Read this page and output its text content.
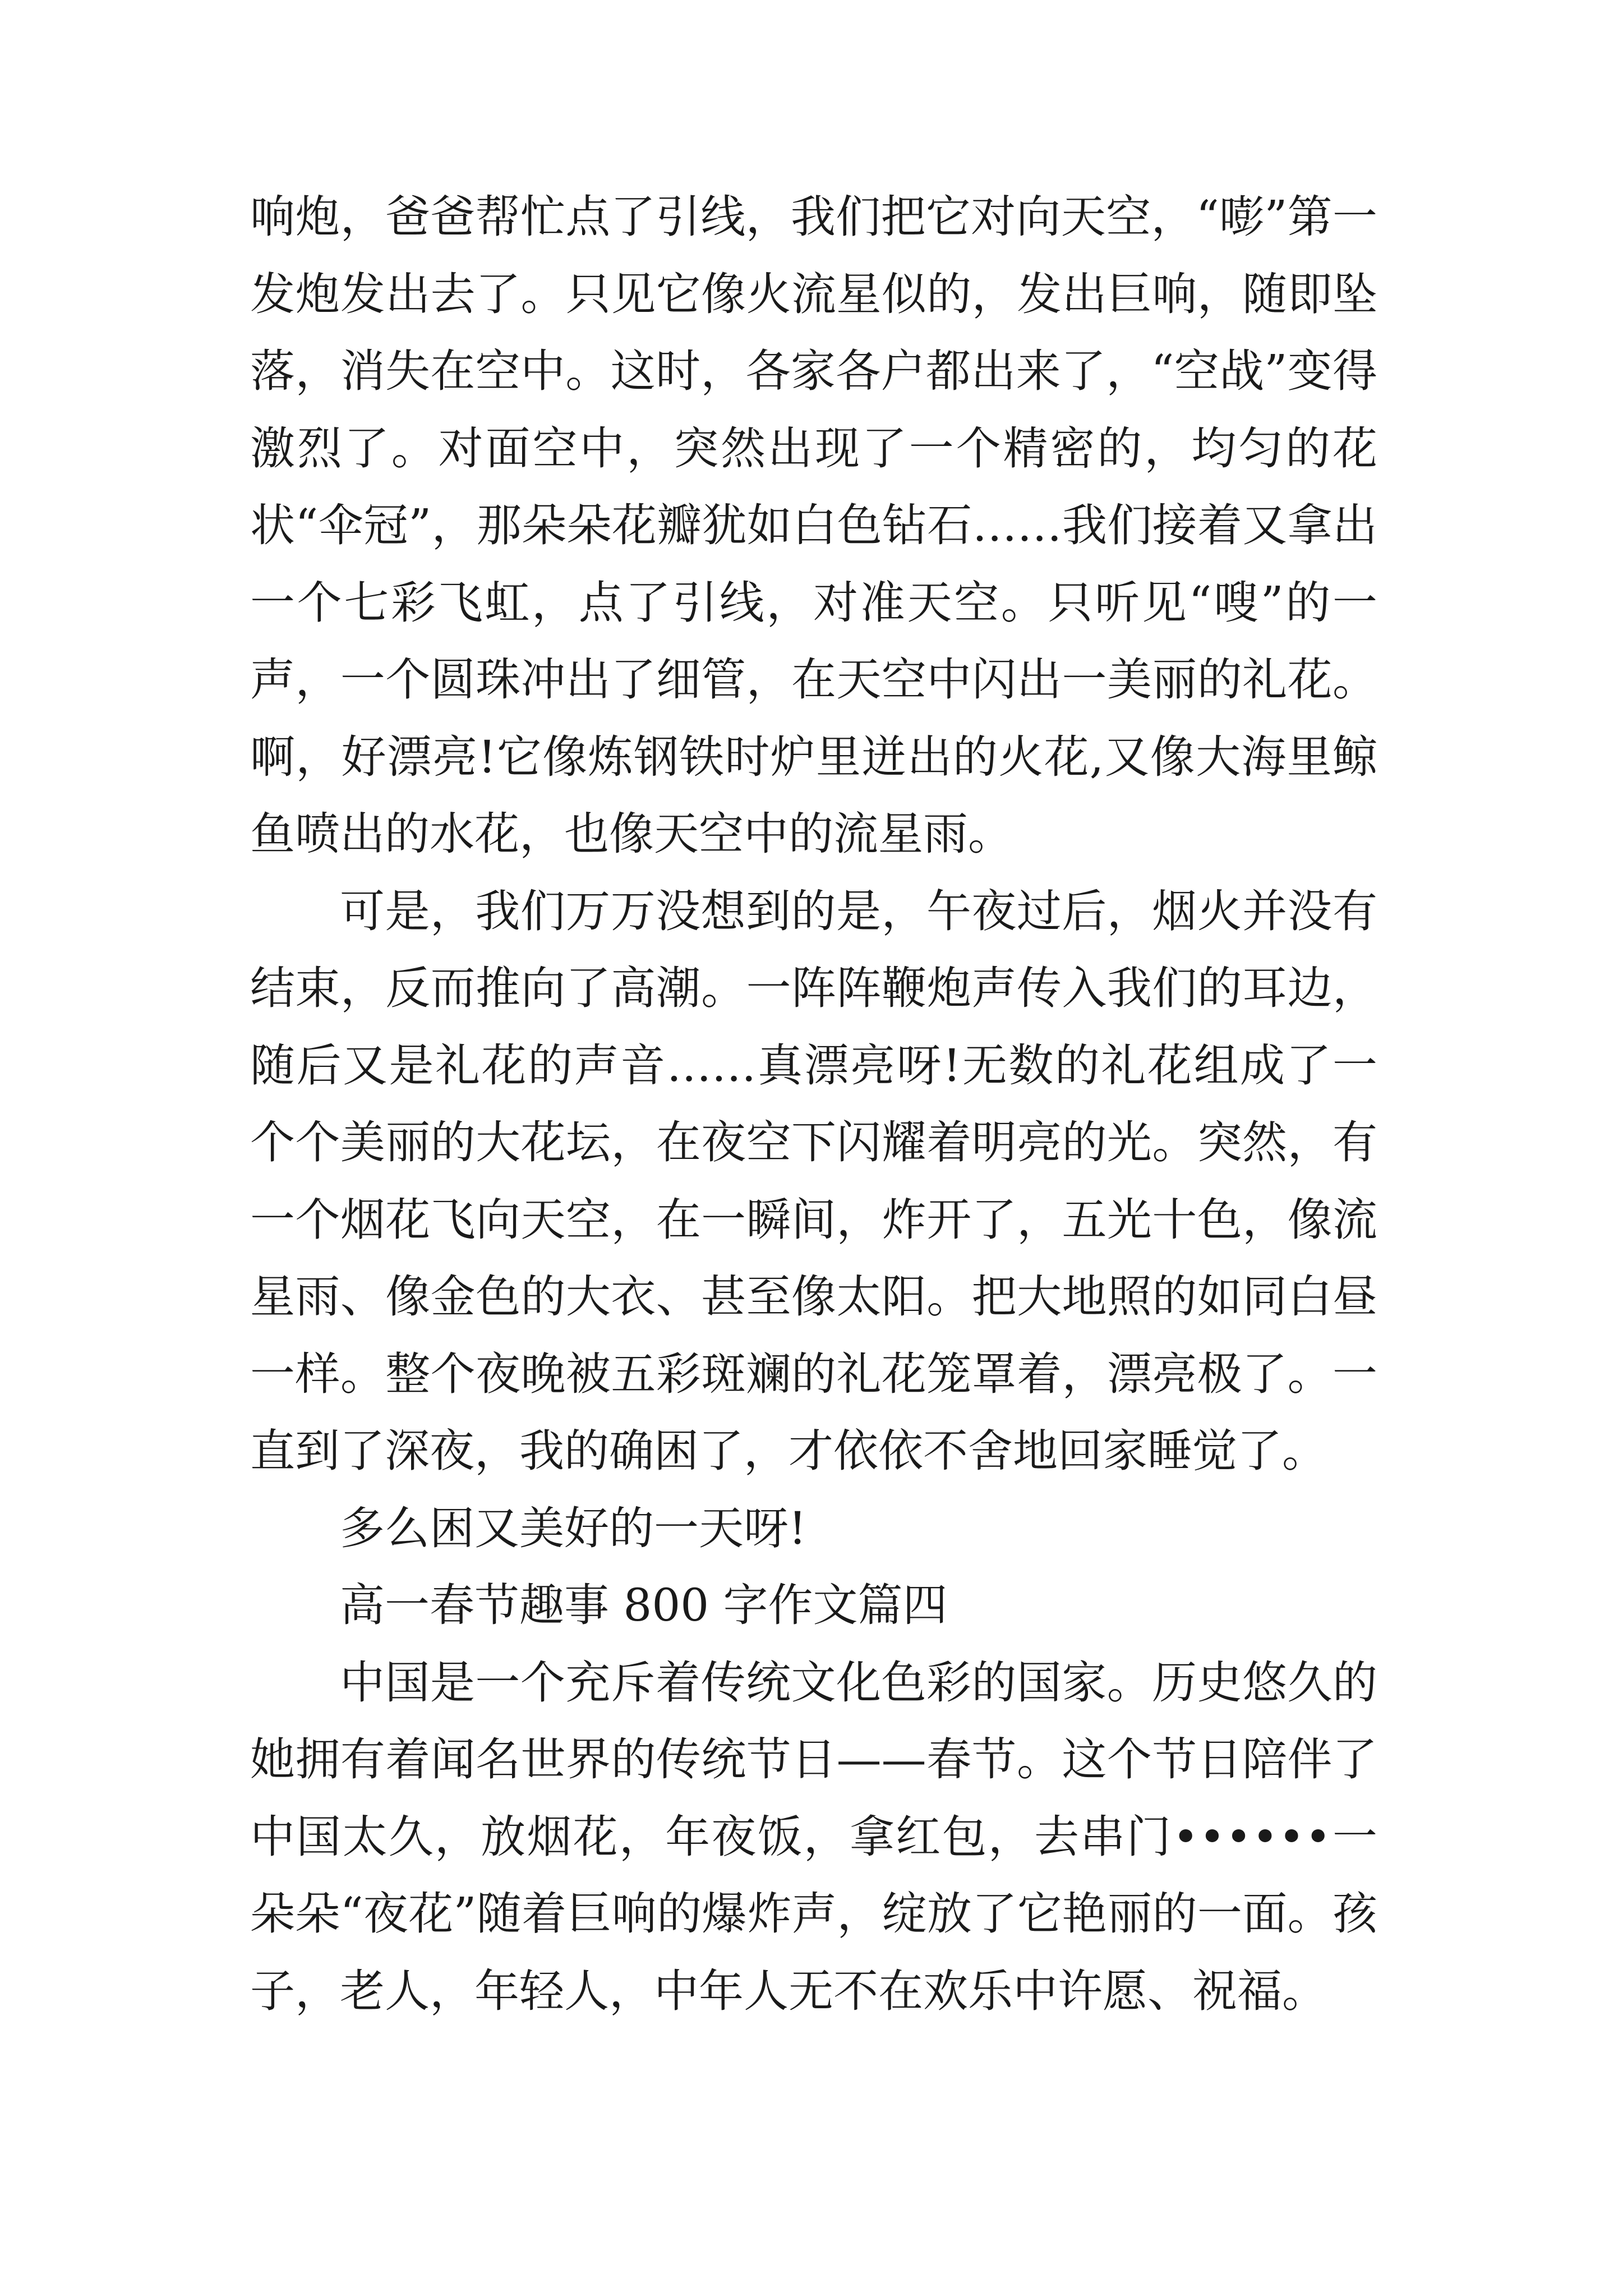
响炮，爸爸帮忙点了引线，我们把它对向天空，“嘭”第一发炮发出去了。只见它像火流星似的，发出巨响，随即坠落，消失在空中。这时，各家各户都出来了，“空战”变得激烈了。对面空中，突然出现了一个精密的，均匀的花状“伞冠”，那朵朵花瓣犹如白色钻石……我们接着又拿出一个七彩飞虹，点了引线，对准天空。只听见“嗖”的一声，一个圆珠冲出了细管，在天空中闪出一美丽的礼花。啊，好漂亮!它像炼钢铁时炉里迸出的火花,又像大海里鲸鱼喷出的水花，也像天空中的流星雨。

可是，我们万万没想到的是，午夜过后，烟火并没有结束，反而推向了高潮。一阵阵鞭炮声传入我们的耳边，随后又是礼花的声音……真漂亮呀!无数的礼花组成了一个个美丽的大花坛，在夜空下闪耀着明亮的光。突然，有一个烟花飞向天空，在一瞬间，炸开了，五光十色，像流星雨、像金色的大衣、甚至像太阳。把大地照的如同白昼一样。整个夜晚被五彩斑斓的礼花笼罩着，漂亮极了。一直到了深夜，我的确困了，才依依不舍地回家睡觉了。

多么困又美好的一天呀!

高一春节趣事 800 字作文篇四

中国是一个充斥着传统文化色彩的国家。历史悠久的她拥有着闻名世界的传统节日——春节。这个节日陪伴了中国太久，放烟花，年夜饭，拿红包，去串门••••••一朵朵“夜花”随着巨响的爆炸声，绽放了它艳丽的一面。孩子，老人，年轻人，中年人无不在欢乐中许愿、祝福。
